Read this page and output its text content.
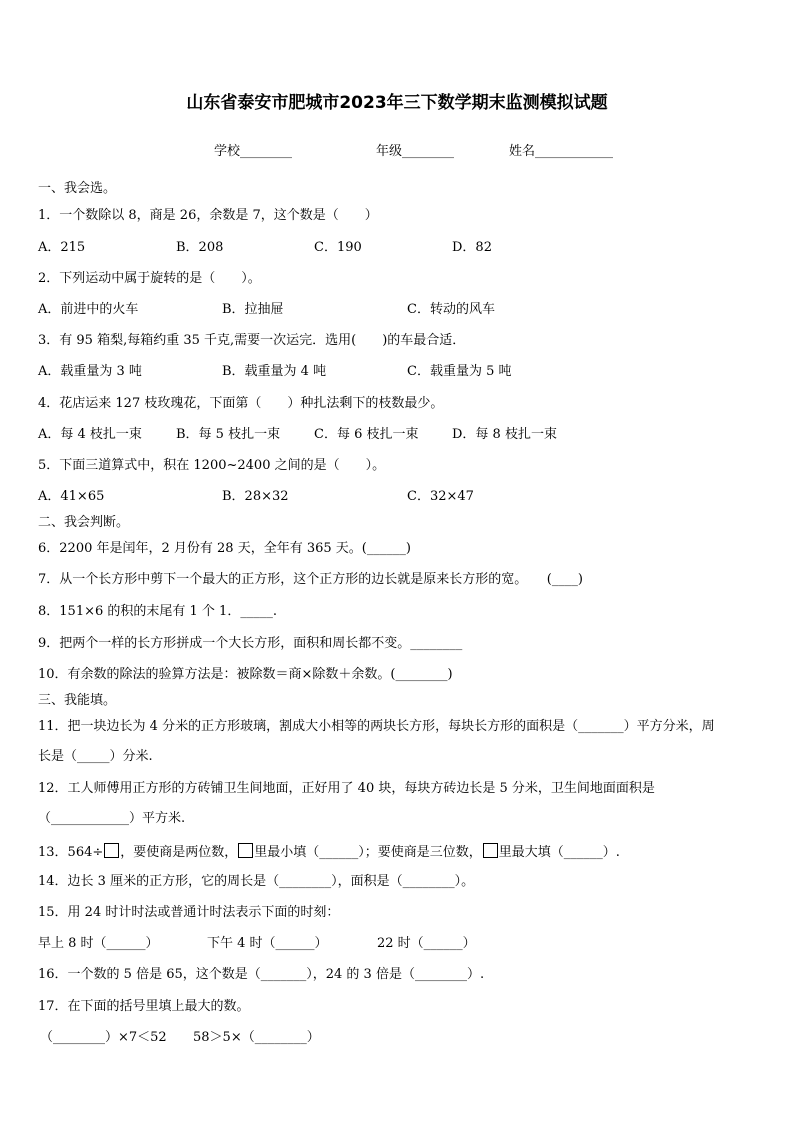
山东省泰安市肥城市2023年三下数学期末监测模拟试题
学校________	年级________	姓名____________
一、我会选。
1．一个数除以 8，商是 26，余数是 7，这个数是（　　）
A．215	B．208	C．190	D．82
2．下列运动中属于旋转的是（　　）。
A．前进中的火车	B．拉抽屉	C．转动的风车
3．有 95 箱梨,每箱约重 35 千克,需要一次运完．选用(　　)的车最合适．
A．载重量为 3 吨	B．载重量为 4 吨	C．载重量为 5 吨
4．花店运来 127 枝玫瑰花，下面第（　　）种扎法剩下的枝数最少。
A．每 4 枝扎一束	B．每 5 枝扎一束	C．每 6 枝扎一束	D．每 8 枝扎一束
5．下面三道算式中，积在 1200~2400 之间的是（　　）。
A．41×65	B．28×32	C．32×47
二、我会判断。
6．2200 年是闰年，2 月份有 28 天，全年有 365 天。(______)
7．从一个长方形中剪下一个最大的正方形，这个正方形的边长就是原来长方形的宽。　　(____)
8．151×6 的积的末尾有 1 个 1．_____.
9．把两个一样的长方形拼成一个大长方形，面积和周长都不变。________
10．有余数的除法的验算方法是：被除数＝商×除数＋余数。(________)
三、我能填。
11．把一块边长为 4 分米的正方形玻璃，割成大小相等的两块长方形，每块长方形的面积是（_______）平方分米，周
长是（_____）分米.
12．工人师傅用正方形的方砖铺卫生间地面，正好用了 40 块，每块方砖边长是 5 分米，卫生间地面面积是
（____________）平方米.
13．564÷ ，要使商是两位数， 里最小填（______）；要使商是三位数， 里最大填（______）.
14．边长 3 厘米的正方形，它的周长是（________），面积是（________）。
15．用 24 时计时法或普通计时法表示下面的时刻：
早上 8 时（______）	下午 4 时（______）	22 时（______）
16．一个数的 5 倍是 65，这个数是（_______），24 的 3 倍是（________）.
17．在下面的括号里填上最大的数。
（________）×7＜52 58＞5×（________）
